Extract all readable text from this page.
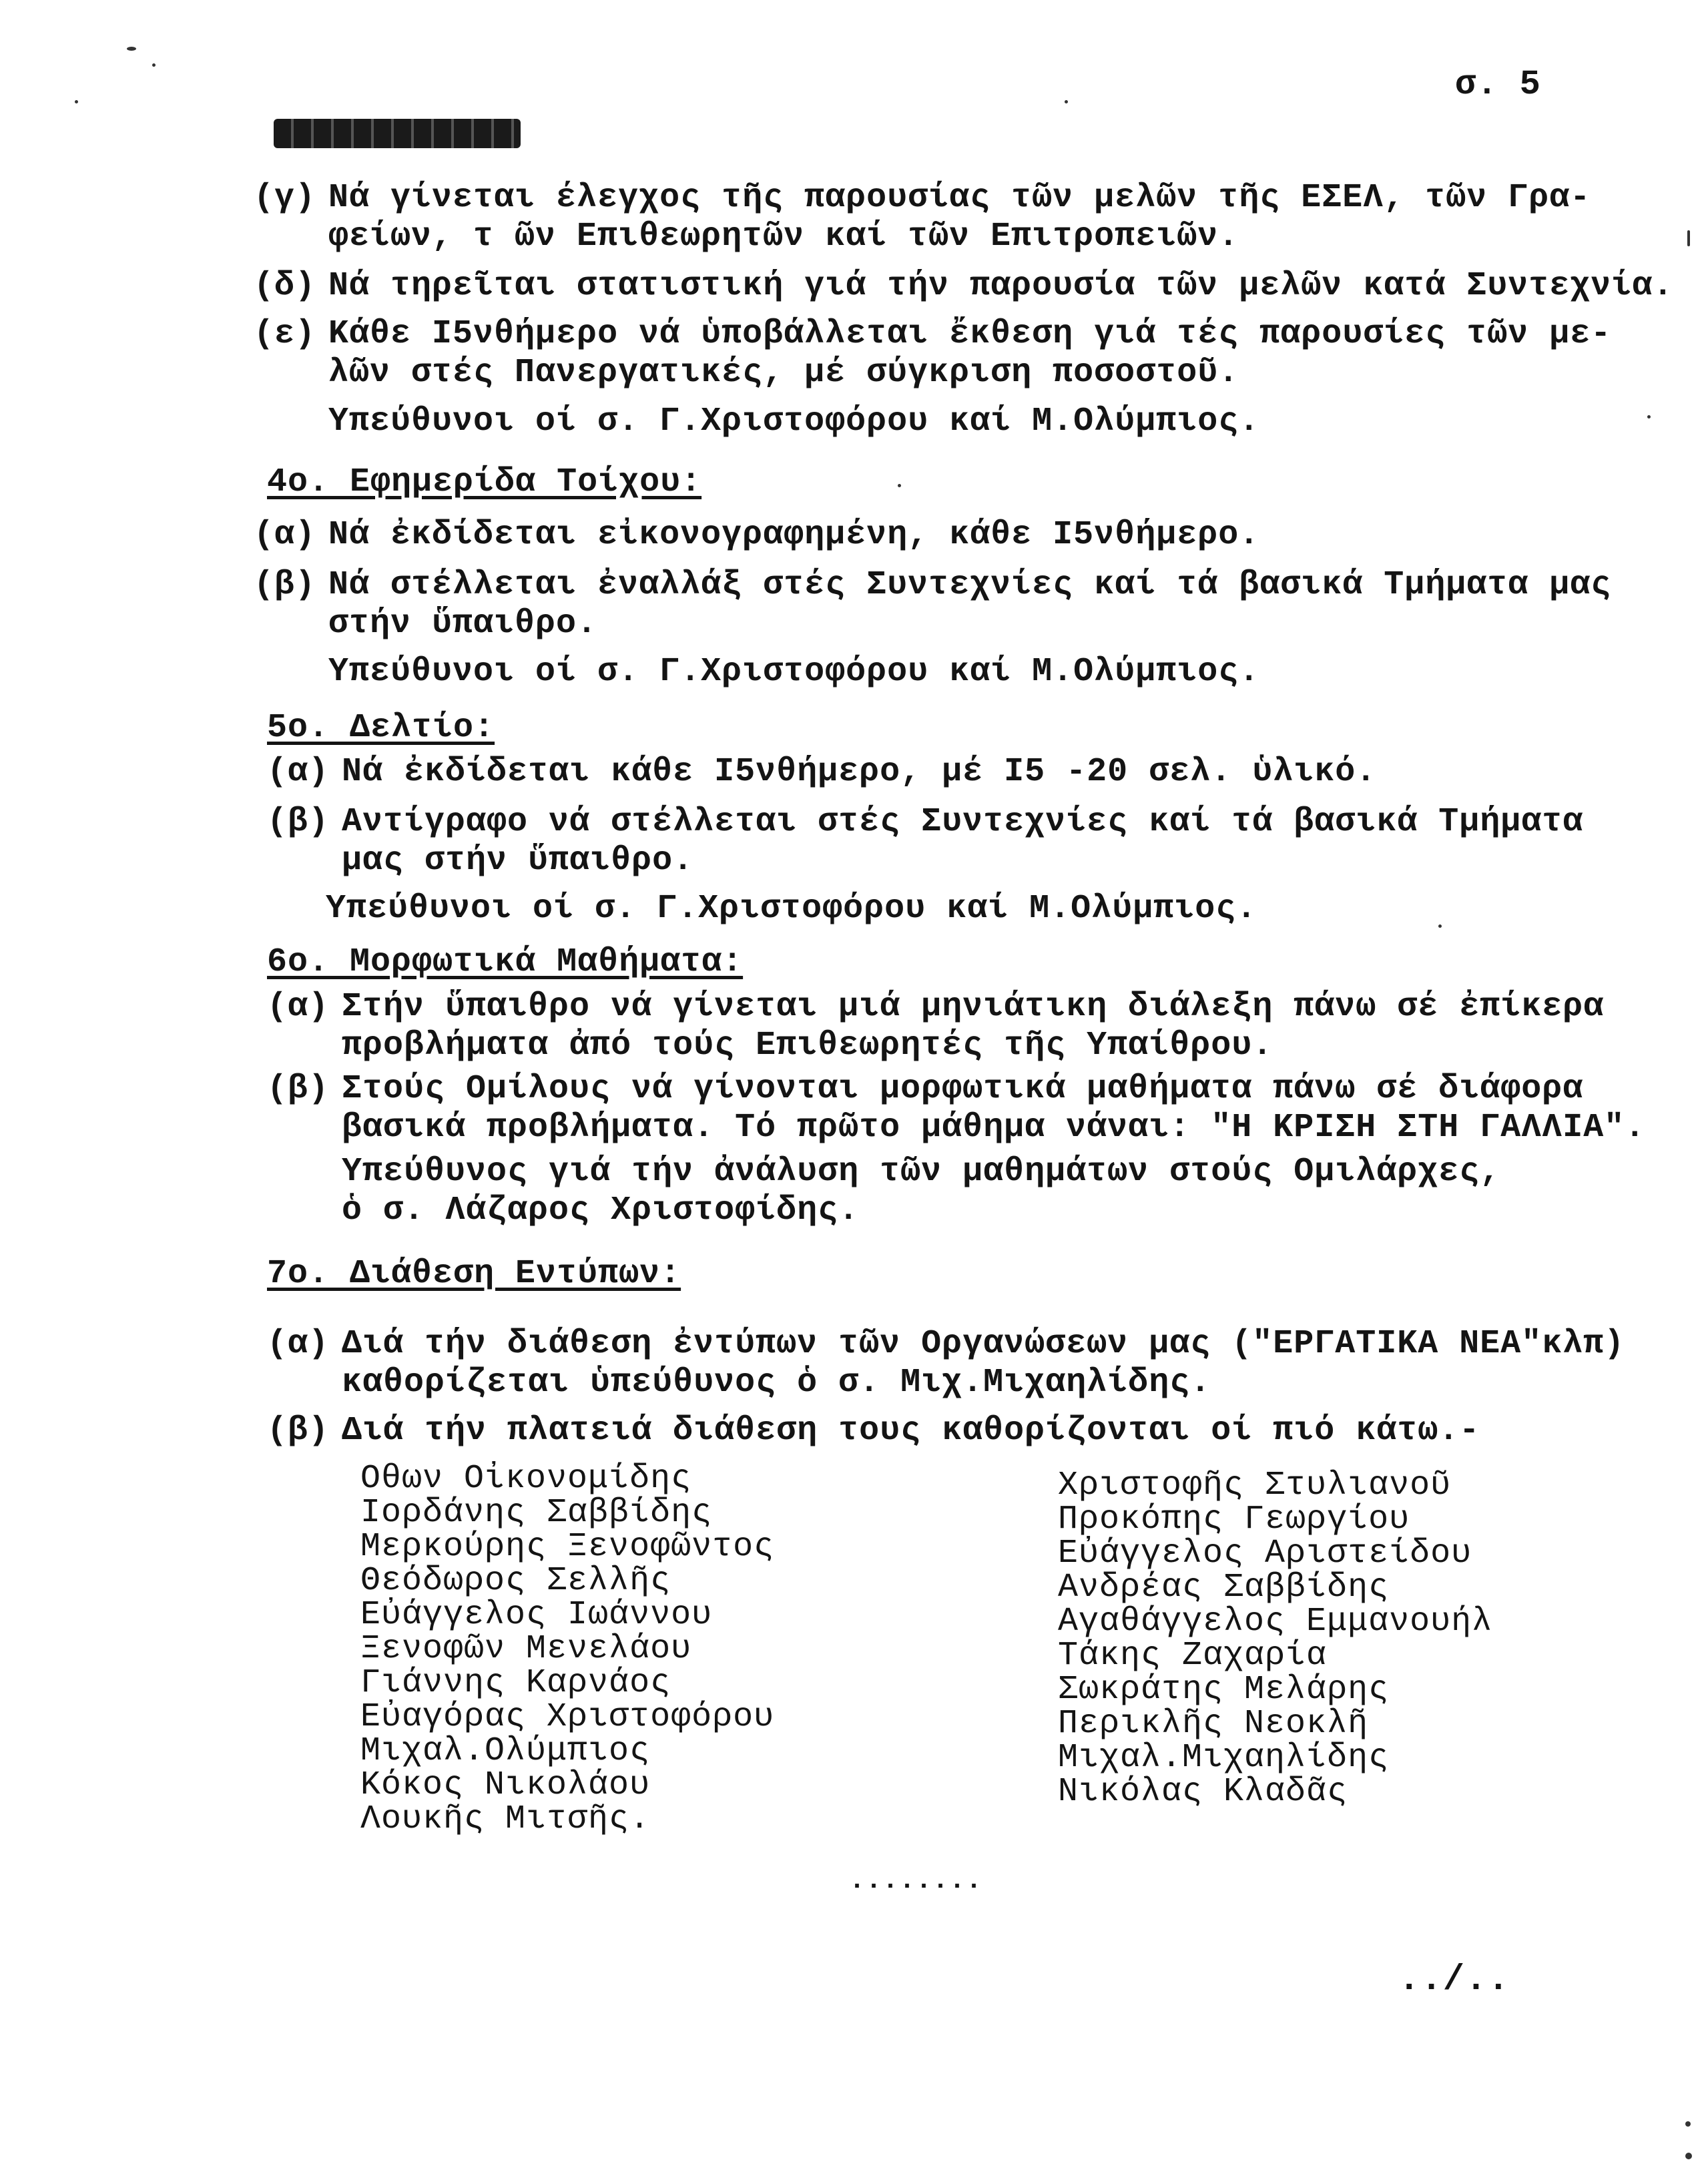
σ. 5
(γ) Νά γίνεται έλεγχος τῆς παρουσίας τῶν μελῶν τῆς ΕΣΕΛ, τῶν Γρα-
φείων, τ ῶν Επιθεωρητῶν καί τῶν Επιτροπειῶν.
(δ) Νά τηρεῖται στατιστική γιά τήν παρουσία τῶν μελῶν κατά Συντεχνία.
(ε) Κάθε Ι5νθήμερο νά ὑποβάλλεται ἔκθεση γιά τές παρουσίες τῶν με-
λῶν στές Πανεργατικές, μέ σύγκριση ποσοστοῦ.
Υπεύθυνοι οί σ. Γ.Χριστοφόρου καί Μ.Ολύμπιος.
4ο. Εφημερίδα Τοίχου:
(α) Νά ἐκδίδεται εἰκονογραφημένη, κάθε Ι5νθήμερο.
(β) Νά στέλλεται ἐναλλάξ στές Συντεχνίες καί τά βασικά Τμήματα μας
στήν ὕπαιθρο.
Υπεύθυνοι οί σ. Γ.Χριστοφόρου καί Μ.Ολύμπιος.
5ο. Δελτίο:
(α) Νά ἐκδίδεται κάθε Ι5νθήμερο, μέ Ι5 -20 σελ. ὑλικό.
(β) Αντίγραφο νά στέλλεται στές Συντεχνίες καί τά βασικά Τμήματα
μας στήν ὕπαιθρο.
Υπεύθυνοι οί σ. Γ.Χριστοφόρου καί Μ.Ολύμπιος.
6ο. Μορφωτικά Μαθήματα:
(α) Στήν ὕπαιθρο νά γίνεται μιά μηνιάτικη διάλεξη πάνω σέ ἐπίκερα
προβλήματα ἀπό τούς Επιθεωρητές τῆς Υπαίθρου.
(β) Στούς Ομίλους νά γίνονται μορφωτικά μαθήματα πάνω σέ διάφορα
βασικά προβλήματα. Τό πρῶτο μάθημα νάναι: "Η ΚΡΙΣΗ ΣΤΗ ΓΑΛΛΙΑ".
Υπεύθυνος γιά τήν ἀνάλυση τῶν μαθημάτων στούς Ομιλάρχες,
ὁ σ. Λάζαρος Χριστοφίδης.
7ο. Διάθεση Εντύπων:
(α) Διά τήν διάθεση ἐντύπων τῶν Οργανώσεων μας ("ΕΡΓΑΤΙΚΑ ΝΕΑ"κλπ)
καθορίζεται ὑπεύθυνος ὁ σ. Μιχ.Μιχαηλίδης.
(β) Διά τήν πλατειά διάθεση τους καθορίζονται οί πιό κάτω.-
Οθων Οἰκονομίδης
Ιορδάνης Σαββίδης
Μερκούρης Ξενοφῶντος
Θεόδωρος Σελλῆς
Εὐάγγελος Ιωάννου
Ξενοφῶν Μενελάου
Γιάννης Καρνάος
Εὐαγόρας Χριστοφόρου
Μιχαλ.Ολύμπιος
Κόκος Νικολάου
Λουκῆς Μιτσῆς.
Χριστοφῆς Στυλιανοῦ
Προκόπης Γεωργίου
Εὐάγγελος Αριστείδου
Ανδρέας Σαββίδης
Αγαθάγγελος Εμμανουήλ
Τάκης Ζαχαρία
Σωκράτης Μελάρης
Περικλῆς Νεοκλῆ
Μιχαλ.Μιχαηλίδης
Νικόλας Κλαδᾶς
........
../..
